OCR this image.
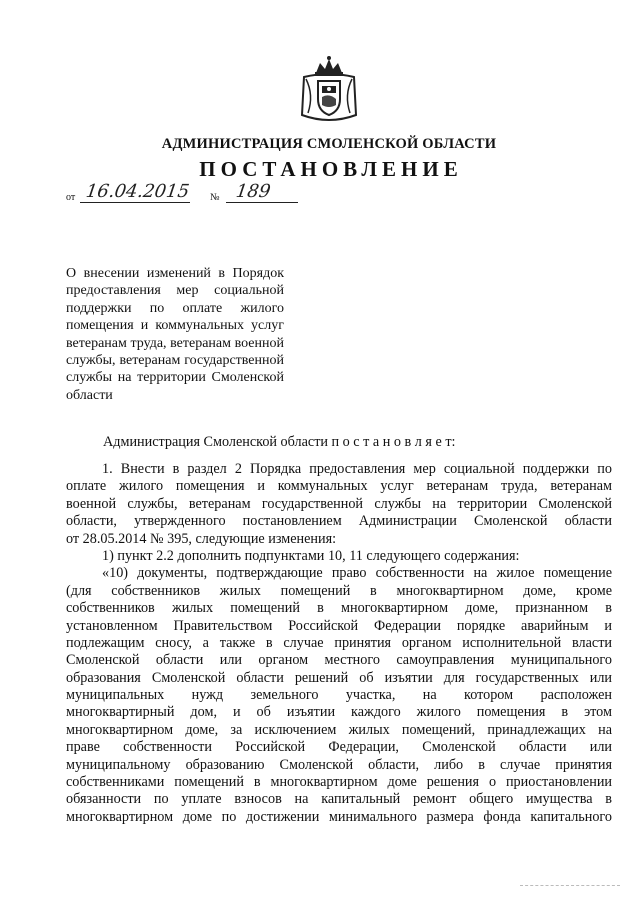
АДМИНИСТРАЦИЯ СМОЛЕНСКОЙ ОБЛАСТИ
ПОСТАНОВЛЕНИЕ
от 16.04.2015 № 189
О внесении изменений в Порядок
предоставления мер социальной
поддержки по оплате жилого
помещения и коммунальных услуг
ветеранам труда, ветеранам военной
службы, ветеранам государственной
службы на территории Смоленской
области
Администрация Смоленской области п о с т а н о в л я е т:
1. Внести в раздел 2 Порядка предоставления мер социальной поддержки по
оплате жилого помещения и коммунальных услуг ветеранам труда, ветеранам
военной службы, ветеранам государственной службы на территории Смоленской
области, утвержденного постановлением Администрации Смоленской области
от 28.05.2014 № 395, следующие изменения:
1) пункт 2.2 дополнить подпунктами 10, 11 следующего содержания:
«10) документы, подтверждающие право собственности на жилое помещение
(для собственников жилых помещений в многоквартирном доме, кроме
собственников жилых помещений в многоквартирном доме, признанном в
установленном Правительством Российской Федерации порядке аварийным и
подлежащим сносу, а также в случае принятия органом исполнительной власти
Смоленской области или органом местного самоуправления муниципального
образования Смоленской области решений об изъятии для государственных или
муниципальных нужд земельного участка, на котором расположен
многоквартирный дом, и об изъятии каждого жилого помещения в этом
многоквартирном доме, за исключением жилых помещений, принадлежащих на
праве собственности Российской Федерации, Смоленской области или
муниципальному образованию Смоленской области, либо в случае принятия
собственниками помещений в многоквартирном доме решения о приостановлении
обязанности по уплате взносов на капитальный ремонт общего имущества в
многоквартирном доме по достижении минимального размера фонда капитального
